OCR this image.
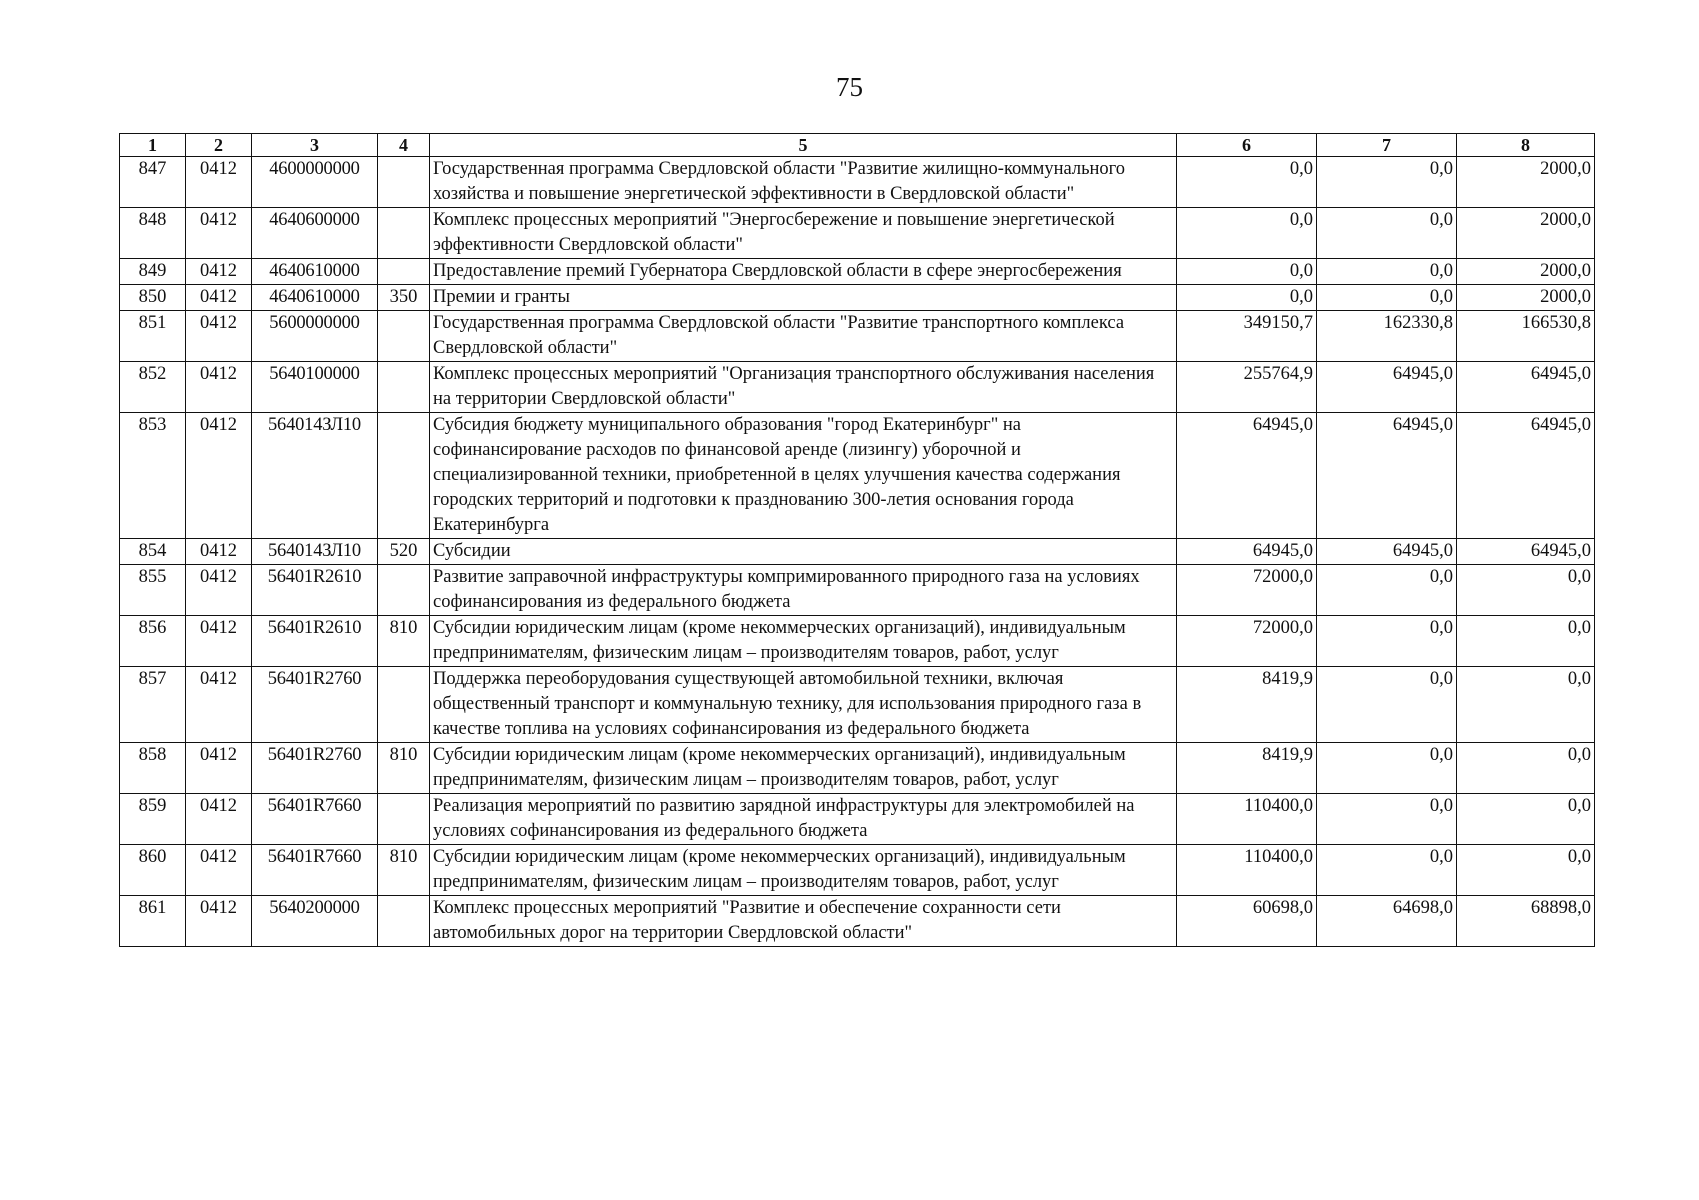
75
1	2	3	4	5	6	7	8
847	0412	4600000000		Государственная программа Свердловской области "Развитие жилищно-коммунального хозяйства и повышение энергетической эффективности в Свердловской области"	0,0	0,0	2000,0
848	0412	4640600000		Комплекс процессных мероприятий "Энергосбережение и повышение энергетической эффективности Свердловской области"	0,0	0,0	2000,0
849	0412	4640610000		Предоставление премий Губернатора Свердловской области в сфере энергосбережения	0,0	0,0	2000,0
850	0412	4640610000	350	Премии и гранты	0,0	0,0	2000,0
851	0412	5600000000		Государственная программа Свердловской области "Развитие транспортного комплекса Свердловской области"	349150,7	162330,8	166530,8
852	0412	5640100000		Комплекс процессных мероприятий "Организация транспортного обслуживания населения на территории Свердловской области"	255764,9	64945,0	64945,0
853	0412	564014ЗЛ10		Субсидия бюджету муниципального образования "город Екатеринбург" на софинансирование расходов по финансовой аренде (лизингу) уборочной и специализированной техники, приобретенной в целях улучшения качества содержания городских территорий и подготовки к празднованию 300-летия основания города Екатеринбурга	64945,0	64945,0	64945,0
854	0412	564014ЗЛ10	520	Субсидии	64945,0	64945,0	64945,0
855	0412	56401R2610		Развитие заправочной инфраструктуры компримированного природного газа на условиях софинансирования из федерального бюджета	72000,0	0,0	0,0
856	0412	56401R2610	810	Субсидии юридическим лицам (кроме некоммерческих организаций), индивидуальным предпринимателям, физическим лицам – производителям товаров, работ, услуг	72000,0	0,0	0,0
857	0412	56401R2760		Поддержка переоборудования существующей автомобильной техники, включая общественный транспорт и коммунальную технику, для использования природного газа в качестве топлива на условиях софинансирования из федерального бюджета	8419,9	0,0	0,0
858	0412	56401R2760	810	Субсидии юридическим лицам (кроме некоммерческих организаций), индивидуальным предпринимателям, физическим лицам – производителям товаров, работ, услуг	8419,9	0,0	0,0
859	0412	56401R7660		Реализация мероприятий по развитию зарядной инфраструктуры для электромобилей на условиях софинансирования из федерального бюджета	110400,0	0,0	0,0
860	0412	56401R7660	810	Субсидии юридическим лицам (кроме некоммерческих организаций), индивидуальным предпринимателям, физическим лицам – производителям товаров, работ, услуг	110400,0	0,0	0,0
861	0412	5640200000		Комплекс процессных мероприятий "Развитие и обеспечение сохранности сети автомобильных дорог на территории Свердловской области"	60698,0	64698,0	68898,0
